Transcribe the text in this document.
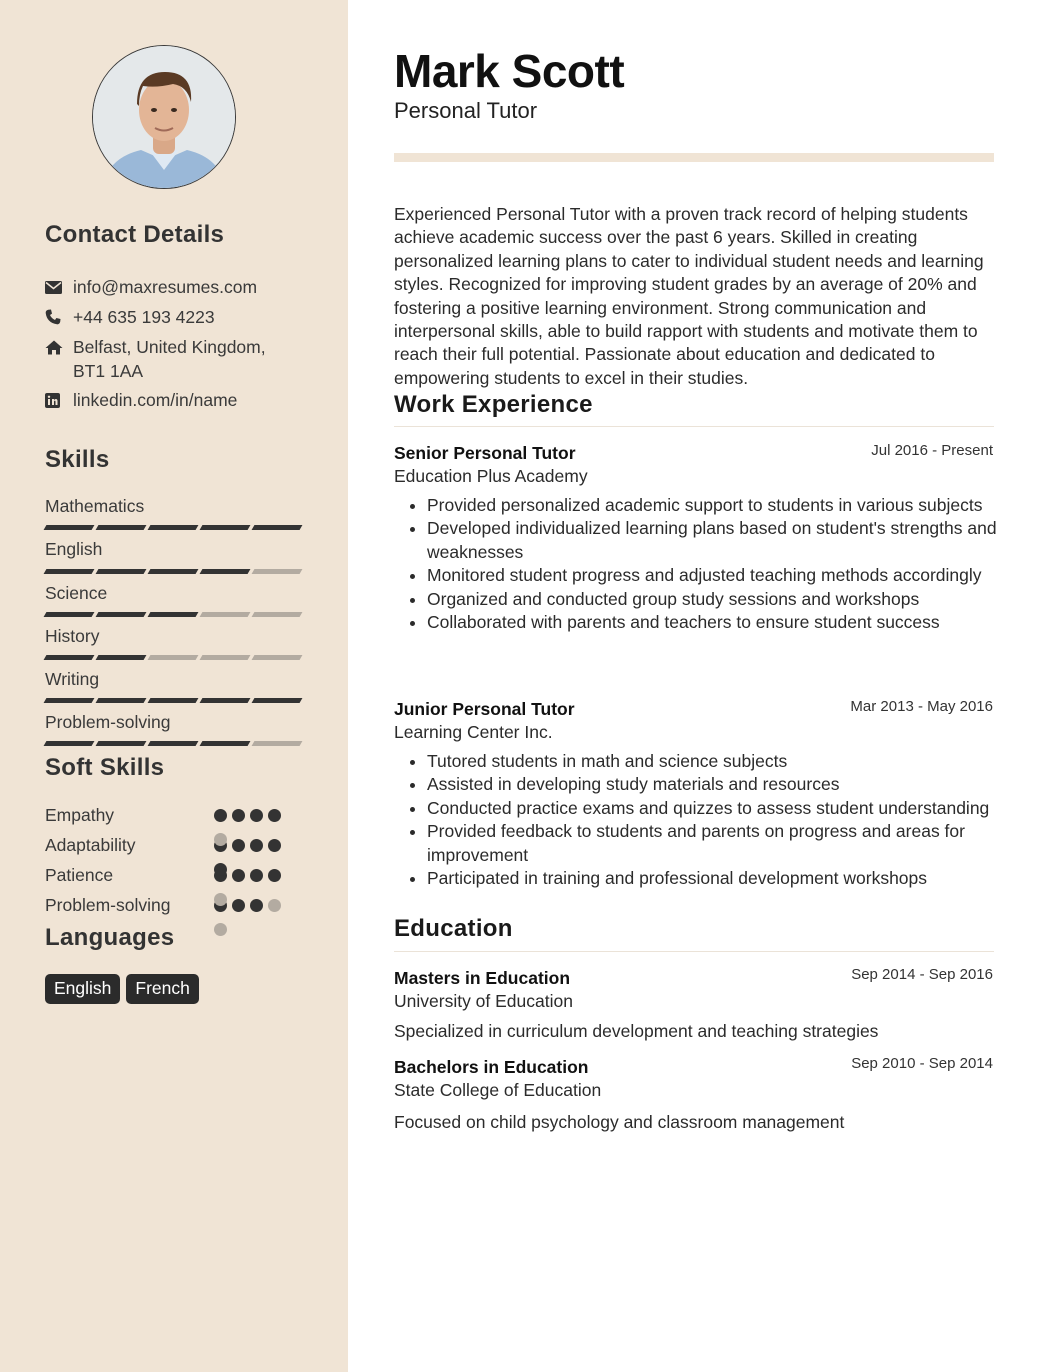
Contact Details
info@maxresumes.com
+44 635 193 4223
Belfast, United Kingdom, BT1 1AA
linkedin.com/in/name
Skills
Mathematics
English
Science
History
Writing
Problem-solving
Soft Skills
Empathy
Adaptability
Patience
Problem-solving
Languages
English	French
Mark Scott
Personal Tutor

Experienced Personal Tutor with a proven track record of helping students achieve academic success over the past 6 years. Skilled in creating personalized learning plans to cater to individual student needs and learning styles. Recognized for improving student grades by an average of 20% and fostering a positive learning environment. Strong communication and interpersonal skills, able to build rapport with students and motivate them to reach their full potential. Passionate about education and dedicated to empowering students to excel in their studies.

Work Experience
Senior Personal Tutor	Jul 2016 - Present
Education Plus Academy
• Provided personalized academic support to students in various subjects
• Developed individualized learning plans based on student's strengths and weaknesses
• Monitored student progress and adjusted teaching methods accordingly
• Organized and conducted group study sessions and workshops
• Collaborated with parents and teachers to ensure student success
Junior Personal Tutor	Mar 2013 - May 2016
Learning Center Inc.
• Tutored students in math and science subjects
• Assisted in developing study materials and resources
• Conducted practice exams and quizzes to assess student understanding
• Provided feedback to students and parents on progress and areas for improvement
• Participated in training and professional development workshops
Education
Masters in Education	Sep 2014 - Sep 2016
University of Education
Specialized in curriculum development and teaching strategies
Bachelors in Education	Sep 2010 - Sep 2014
State College of Education
Focused on child psychology and classroom management
